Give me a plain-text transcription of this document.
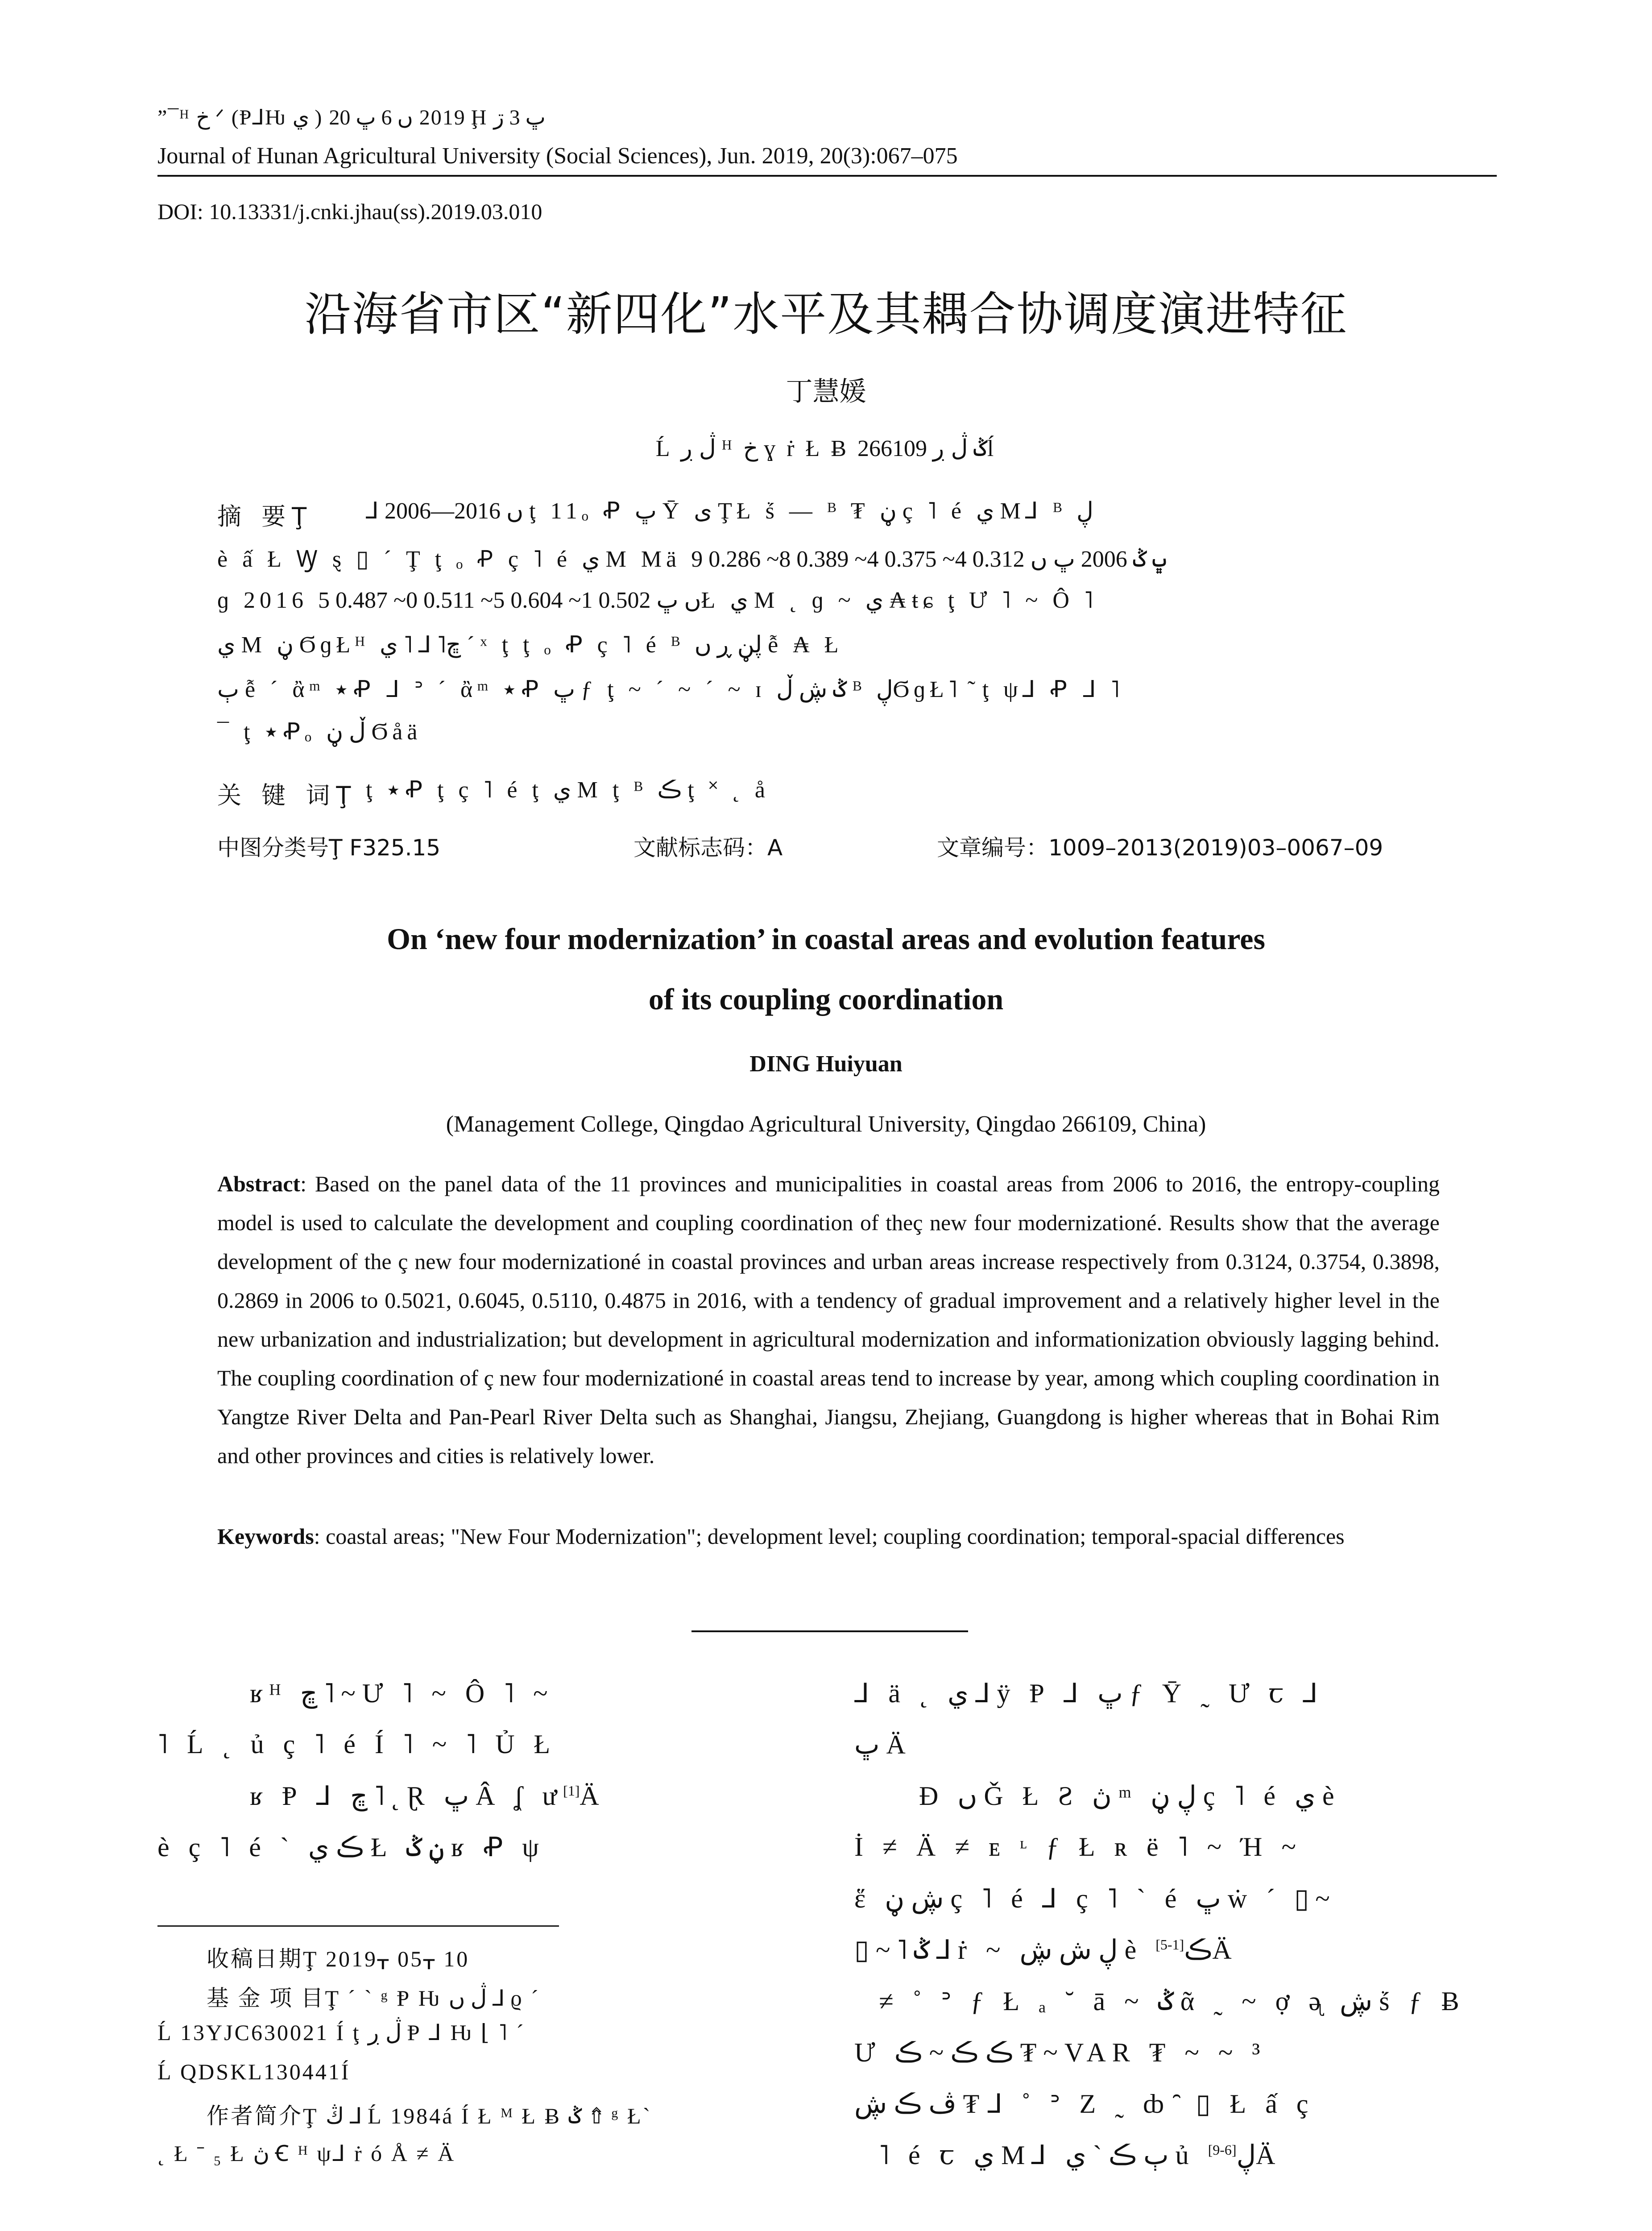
”¯ᴴ ﺥ ᐟ (Ᵽ⅃Ƕ ي ) 2019 ں 6 ڀ 20 Ḩ ڀ 3 ڗ
Journal of Hunan Agricultural University (Social Sciences), Jun. 2019, 20(3):067–075
DOI: 10.13331/j.cnki.jhau(ss).2019.03.010
沿海省市区“新四化”水平及其耦合协调度演进特征
丁慧媛
Ĺ ڷ ڔ ᴴ ﺥ ɣ ṙ Ł Ƀ ݣ ڷ ڔ 266109ĺ
摘 要Ţ ⅃ 2006—2016 ں ţ 11ₒ Ꝓ ڀ Ῡ ى ŢŁ ṥ — ᴮ ₮ ڼ ç ˥ é ي M⅃ ᴮ ڸ
è ấ Ł Ꝡ ȿ ▯ ´ Ţ ţ ₒ Ꝓ ç ˥ é ي M Mä ڀ ݣ 2006 ڀ ں 0.312 4~ 0.375 4~ 0.389 8~ 0.286 9
ɡ 2016 ں ڀ 0.502 1~ 0.604 5~ 0.511 0~ 0.487 5Ł ي M ˛ ɡ ~ ي ₳ ŧɕ ţ Ư ˥ ~ Ô ˥
ي M ڼ ϬɡŁᴴ ڇ˥ ⅃ ˥ ي ´ ˣ ţ ţ ₒ Ꝓ ç ˥ é ᴮ ڸڼ ڕ ں ễ ₳ Ł
ٻ ễ ´ ἂᵐ ٭ Ꝓ ᒧ ᐣ ´ ἂᵐ ٭ Ꝓ ڀ ƒ ţ ~ ´ ~ ´ ~ ɪ ݣ ڜ ڵ ᴮ ڸϬɡŁ˥ ̃ ţ ψ⅃ Ꝓ ᒧ ˥
¯ ţ ٭ Ꝓₒ ڵ ڼ Ϭåä
关 键 词Ţ ţ ٭ Ꝓ ţ ç ˥ é ţ ي M ţ ᴮ ڪ ţ ˟ ˛ å
中图分类号Ţ F325.15	文献标志码：A	文章编号：1009–2013(2019)03–0067–09
On ‘new four modernization’ in coastal areas and evolution features
of its coupling coordination
DING Huiyuan
(Management College, Qingdao Agricultural University, Qingdao 266109, China)
Abstract: Based on the panel data of the 11 provinces and municipalities in coastal areas from 2006 to 2016, the entropy-coupling model is used to calculate the development and coupling coordination of theç new four modernizationé. Results show that the average development of the ç new four modernizationé in coastal provinces and urban areas increase respectively from 0.3124, 0.3754, 0.3898, 0.2869 in 2006 to 0.5021, 0.6045, 0.5110, 0.4875 in 2016, with a tendency of gradual improvement and a relatively higher level in the new urbanization and industrialization; but development in agricultural modernization and informationization obviously lagging behind. The coupling coordination of ç new four modernizationé in coastal areas tend to increase by year, among which coupling coordination in Yangtze River Delta and Pan-Pearl River Delta such as Shanghai, Jiangsu, Zhejiang, Guangdong is higher whereas that in Bohai Rim and other provinces and cities is relatively lower.
Keywords: coastal areas; "New Four Modernization"; development level; coupling coordination; temporal-spacial differences
ʁᴴ ڇ ˥ ~ Ư ˥ ~ Ô ˥ ~
˥ Ĺ ˛ ủ ç ˥ é Í ˥ ~ ˥ Ủ Ł
ʁ Ᵽ ⅃ ڇ ˥ ˛ Ɽ ڀ Â ʆ ư[1]Ä
è ç ˥ é ˋ ڪ ي Ł ڼ ݣ ʁ Ꝓ ψ
收稿日期Ţ 2019ᚁ 05ᚁ 10
基 金 项 目Ţ ´ ˋ ᵍ Ᵽ Ƕ ڷ ں ⅃ ϱ ˊ
Ĺ 13YJC630021 Í ţ ڷ ڔ Ᵽ ⅃ Ƕ ⌊ ˥ ˊ
Ĺ QDSKL130441Í
作者简介Ţ ڭ ⅃ Ĺ 1984á Í Ł ᴹ Ł Ƀ ݣ ⇮ ᵍ Łˋ
˛ Ł ˉ ₅ Ł ڽ Ꞓ ᴴ ψ⅃ ṙ ó Å ≠ Ä
⅃ ä ˛ ي ⅃ ÿ Ᵽ ⅃ ڀ ƒ Ῡ ˷ Ư ꞇ ⅃
ڀ Ä
Ɖ ں Ǧ Ł Ƨ ڽ ᵐ ڸ ڼ ç ˥ é ي è
İ ≠ Ä ≠ ᴇ ᶫ ƒ Ł ʀ ë ˥ ~ Ή ~
ἕ ڜ ڼ ç ˥ é ⅃ ç ˥ ˋ é ڀ ẇ ˊ ▯~
▯ ~ ˥ ݣ ⅃ ṙ ~ ڸ ش ڜ è ڪ[1-5] Ä
≠ ˚ ᐣ ƒ Ł ₐ ˘ ā ~ ݣ ᾶ ˷ ~ ợ ᶕ ڜ ṥ ƒ Ƀ
Ư ڪ ڪ ~ ڪ ₮ ~ VAR ₮ ~ ~ ³
ڤ ڪ ڜ ₮ ᒧ ˚ ᐣ Z ˷ ȸ ̑ ▯ Ł ấ ç
˥ é ꞇ ي M⅃ ٻ ڪ ˋ ي ủ ڸ[6-9] Ä
